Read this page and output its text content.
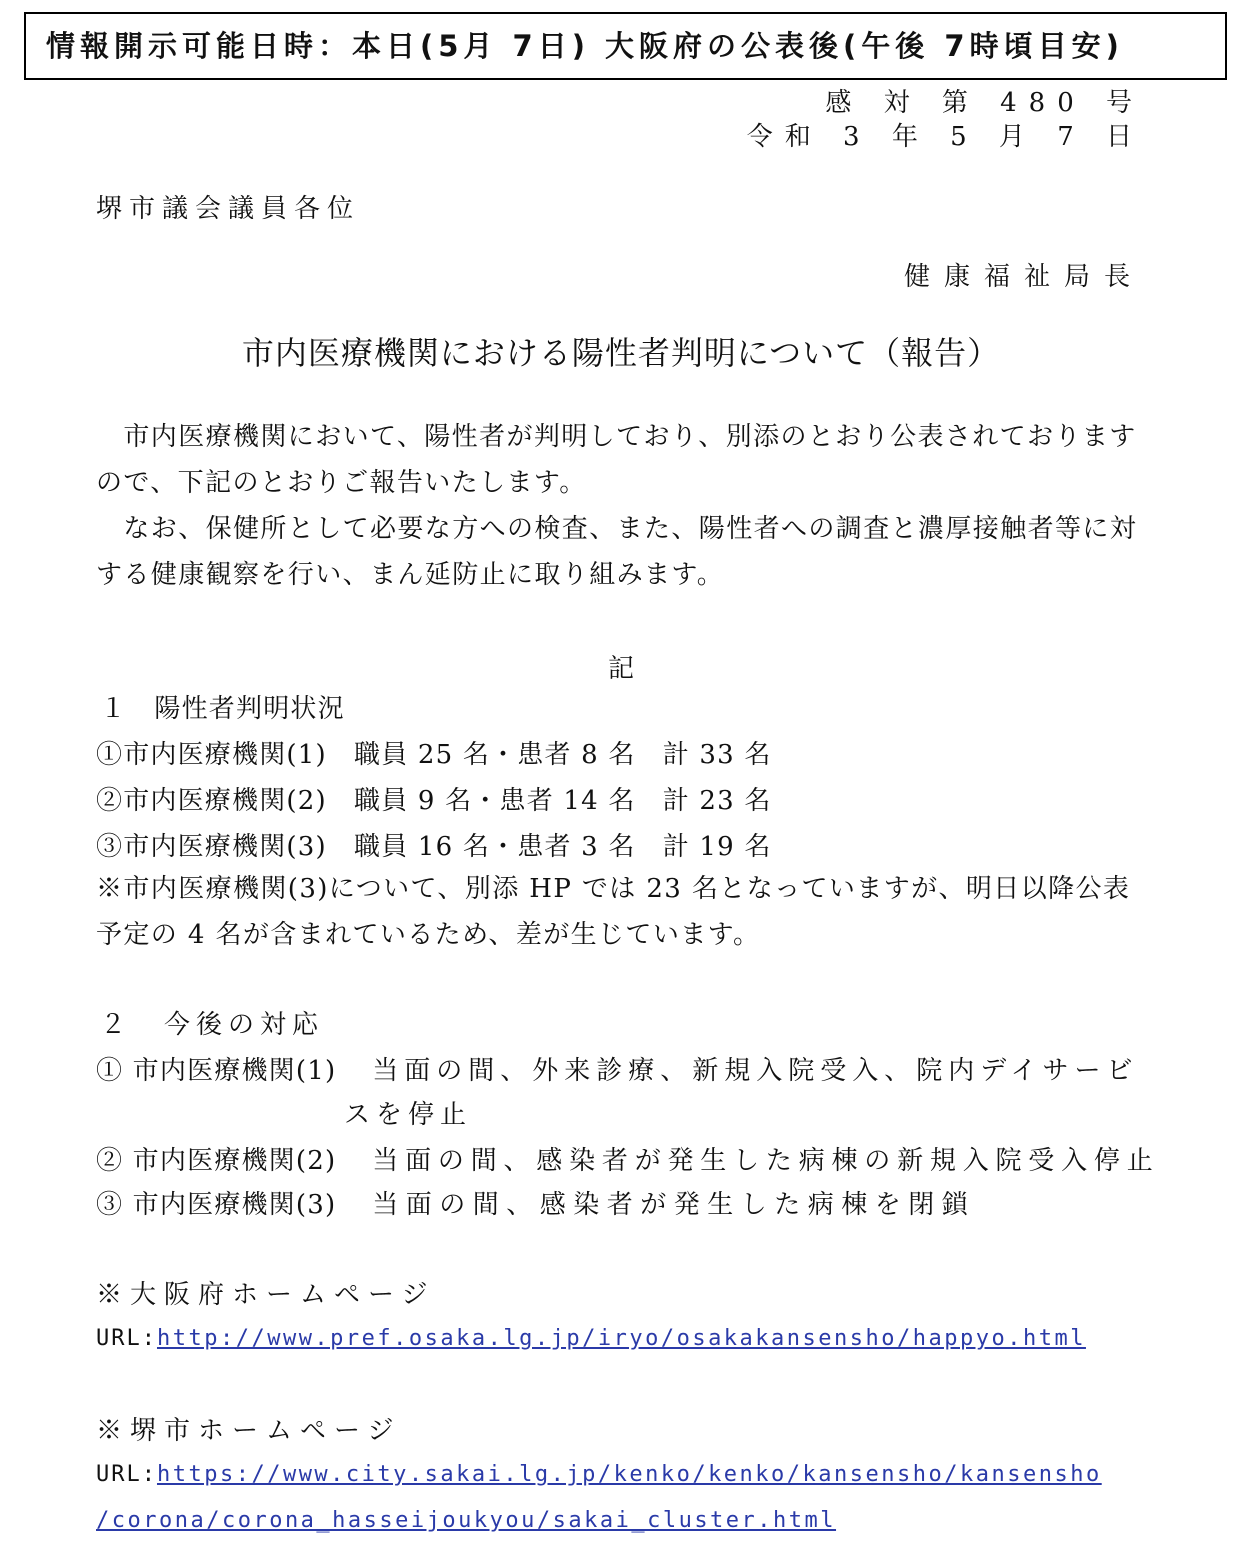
情報開示可能日時：本日(5月 7日) 大阪府の公表後(午後 7時頃目安)
感 対 第 480 号
令和 3 年 5 月 7 日
堺市議会議員各位
健康福祉局長
市内医療機関における陽性者判明について（報告）
　市内医療機関において、陽性者が判明しており、別添のとおり公表されておりますので、下記のとおりご報告いたします。
　なお、保健所として必要な方への検査、また、陽性者への調査と濃厚接触者等に対する健康観察を行い、まん延防止に取り組みます。
記
１　陽性者判明状況
①市内医療機関(1)　職員 25 名・患者 8 名　計 33 名
②市内医療機関(2)　職員 9 名・患者 14 名　計 23 名
③市内医療機関(3)　職員 16 名・患者 3 名　計 19 名
※市内医療機関(3)について、別添 HP では 23 名となっていますが、明日以降公表予定の 4 名が含まれているため、差が生じています。
２　今後の対応
① 市内医療機関(1) 当面の間、外来診療、新規入院受入、院内デイサービ
スを停止
② 市内医療機関(2) 当面の間、感染者が発生した病棟の新規入院受入停止
③ 市内医療機関(3) 当面の間、感染者が発生した病棟を閉鎖
※大阪府ホームページ
URL:http://www.pref.osaka.lg.jp/iryo/osakakansensho/happyo.html
※堺市ホームページ
URL:https://www.city.sakai.lg.jp/kenko/kenko/kansensho/kansensho
/corona/corona_hasseijoukyou/sakai_cluster.html
